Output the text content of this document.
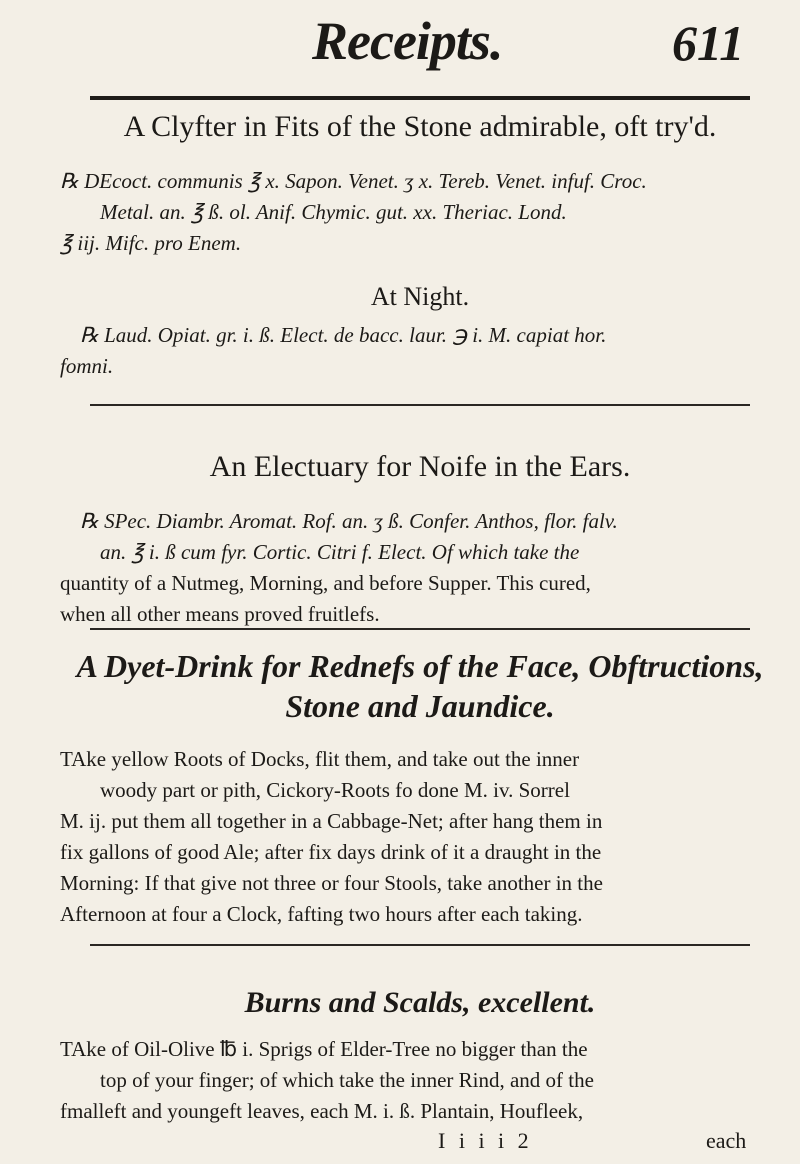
Receipts.	611
A Clyfter in Fits of the Stone admirable, oft try'd.
℞ DEcoct. communis ℥ x. Sapon. Venet. ʒ x. Tereb. Venet. infuf. Croc.
Metal. an. ℥ ß. ol. Anif. Chymic. gut. xx. Theriac. Lond.
℥ iij. Mifc. pro Enem.
At Night.
℞ Laud. Opiat. gr. i. ß. Elect. de bacc. laur. ℈ i. M. capiat hor.
fomni.
An Electuary for Noife in the Ears.
℞ SPec. Diambr. Aromat. Rof. an. ʒ ß. Confer. Anthos, flor. falv.
an. ℥ i. ß cum fyr. Cortic. Citri f. Elect. Of which take the
quantity of a Nutmeg, Morning, and before Supper. This cured,
when all other means proved fruitlefs.
A Dyet-Drink for Rednefs of the Face, Obftructions,
Stone and Jaundice.
TAke yellow Roots of Docks, flit them, and take out the inner
woody part or pith, Cickory-Roots fo done M. iv. Sorrel
M. ij. put them all together in a Cabbage-Net; after hang them in
fix gallons of good Ale; after fix days drink of it a draught in the
Morning: If that give not three or four Stools, take another in the
Afternoon at four a Clock, fafting two hours after each taking.
Burns and Scalds, excellent.
TAke of Oil-Olive ℔ i. Sprigs of Elder-Tree no bigger than the
top of your finger; of which take the inner Rind, and of the
fmalleft and youngeft leaves, each M. i. ß. Plantain, Houfleek,
I i i i 2	each
